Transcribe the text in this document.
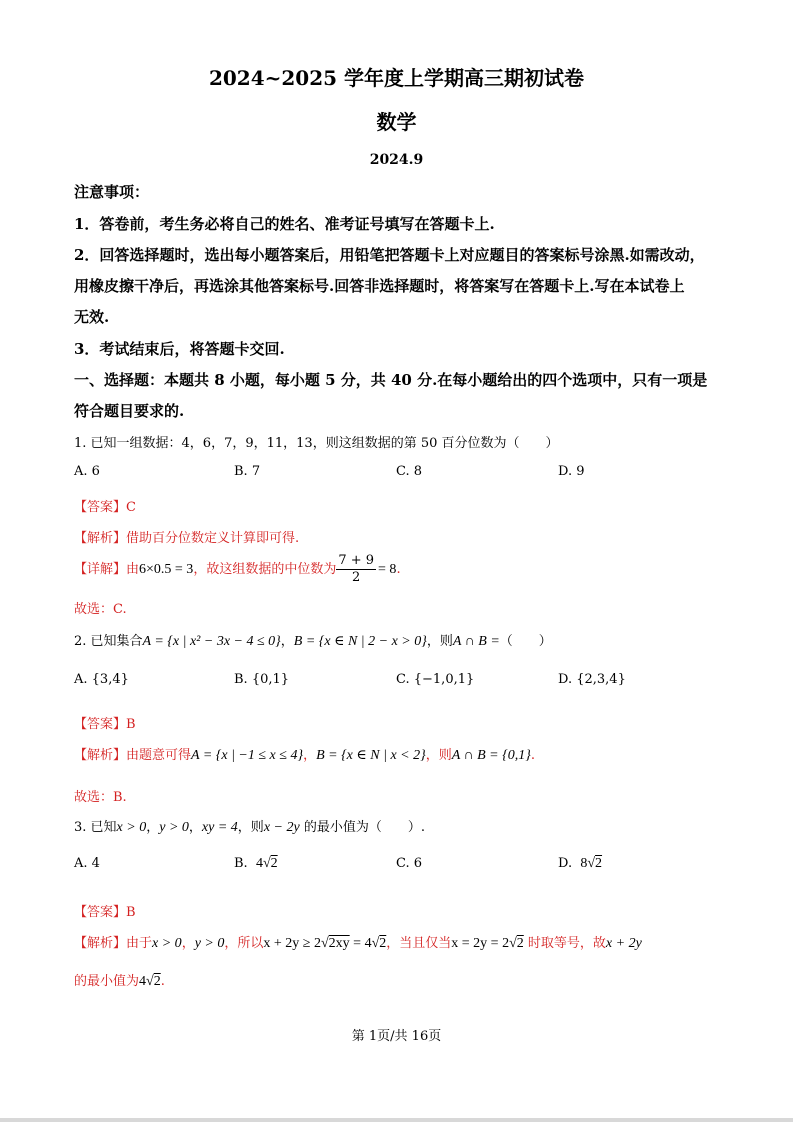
2024~2025 学年度上学期高三期初试卷
数学
2024.9
注意事项：
1．答卷前，考生务必将自己的姓名、准考证号填写在答题卡上.
2．回答选择题时，选出每小题答案后，用铅笔把答题卡上对应题目的答案标号涂黑.如需改动，
用橡皮擦干净后，再选涂其他答案标号.回答非选择题时，将答案写在答题卡上.写在本试卷上
无效.
3．考试结束后，将答题卡交回.
一、选择题：本题共 8 小题，每小题 5 分，共 40 分.在每小题给出的四个选项中，只有一项是
符合题目要求的.
1. 已知一组数据：4，6，7，9，11，13，则这组数据的第 50 百分位数为（　　）
A. 6	B. 7	C. 8	D. 9
【答案】C
【解析】借助百分位数定义计算即可得.
【详解】由6×0.5 = 3，故这组数据的中位数为 $\frac{7 + 9}{2} = 8$.
故选：C.
2. 已知集合A = {x | x² − 3x − 4 ≤ 0}，B = {x ∈ N | 2 − x > 0}，则A ∩ B =（　　）
A. {3,4}	B. {0,1}	C. {−1,0,1}	D. {2,3,4}
【答案】B
【解析】由题意可得A = {x | −1 ≤ x ≤ 4}，B = {x ∈ N | x < 2}，则A ∩ B = {0,1}.
故选：B.
3. 已知x > 0，y > 0，xy = 4，则x − 2y 的最小值为（　　）.
A. 4	B. 4√2	C. 6	D. 8√2
【答案】B
【解析】由于x > 0，y > 0，所以x + 2y ≥ 2√2xy = 4√2，当且仅当x = 2y = 2√2 时取等号，故x + 2y
的最小值为4√2.
第 1页/共 16页
